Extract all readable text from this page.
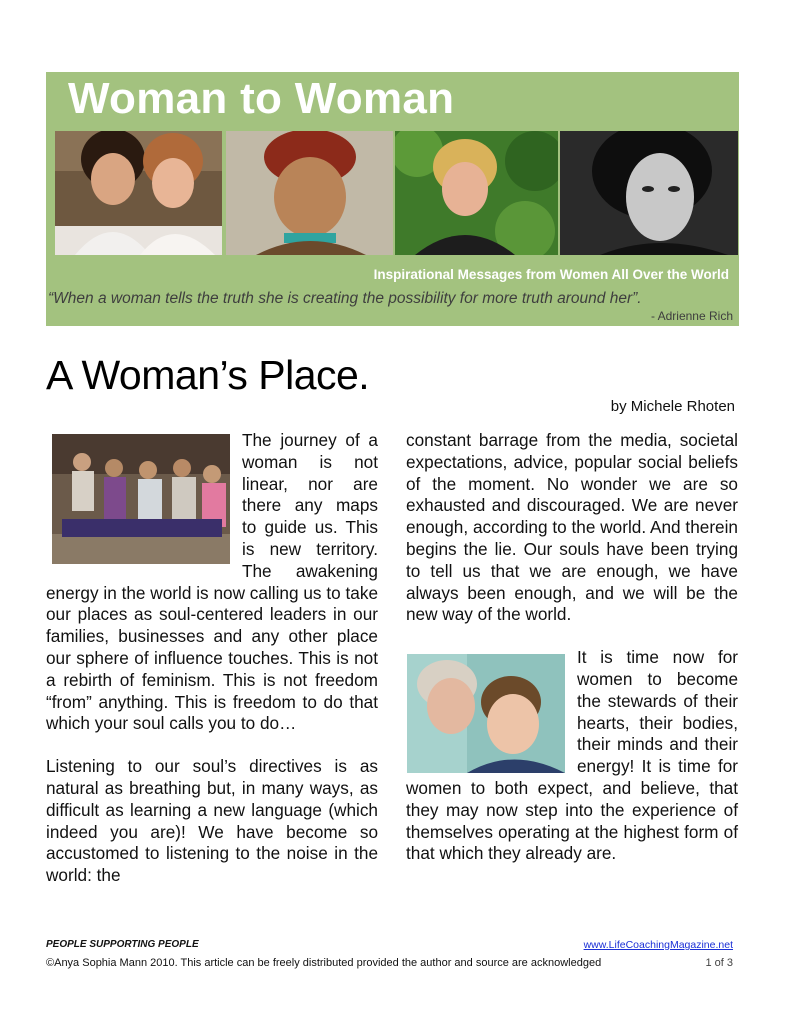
Woman to Woman
Inspirational Messages from Women All Over the World
“When a woman tells the truth she is creating the possibility for more truth around her”.
- Adrienne Rich
A Woman’s Place.
by Michele Rhoten

The journey of a woman is not linear, nor are there any maps to guide us. This is new territory. The awakening energy in the world is now calling us to take our places as soul-centered leaders in our families, businesses and any other place our sphere of influence touches. This is not a rebirth of feminism. This is not freedom “from” anything. This is freedom to do that which your soul calls you to do…

Listening to our soul’s directives is as natural as breathing but, in many ways, as difficult as learning a new language (which indeed you are)! We have become so accustomed to listening to the noise in the world: the

constant barrage from the media, societal expectations, advice, popular social beliefs of the moment. No wonder we are so exhausted and discouraged. We are never enough, according to the world. And therein begins the lie. Our souls have been trying to tell us that we are enough, we have always been enough, and we will be the new way of the world.

It is time now for women to become the stewards of their hearts, their bodies, their minds and their energy! It is time for women to both expect, and believe, that they may now step into the experience of themselves operating at the highest form of that which they already are.

PEOPLE SUPPORTING PEOPLE	www.LifeCoachingMagazine.net
©Anya Sophia Mann 2010. This article can be freely distributed provided the author and source are acknowledged	1 of 3
